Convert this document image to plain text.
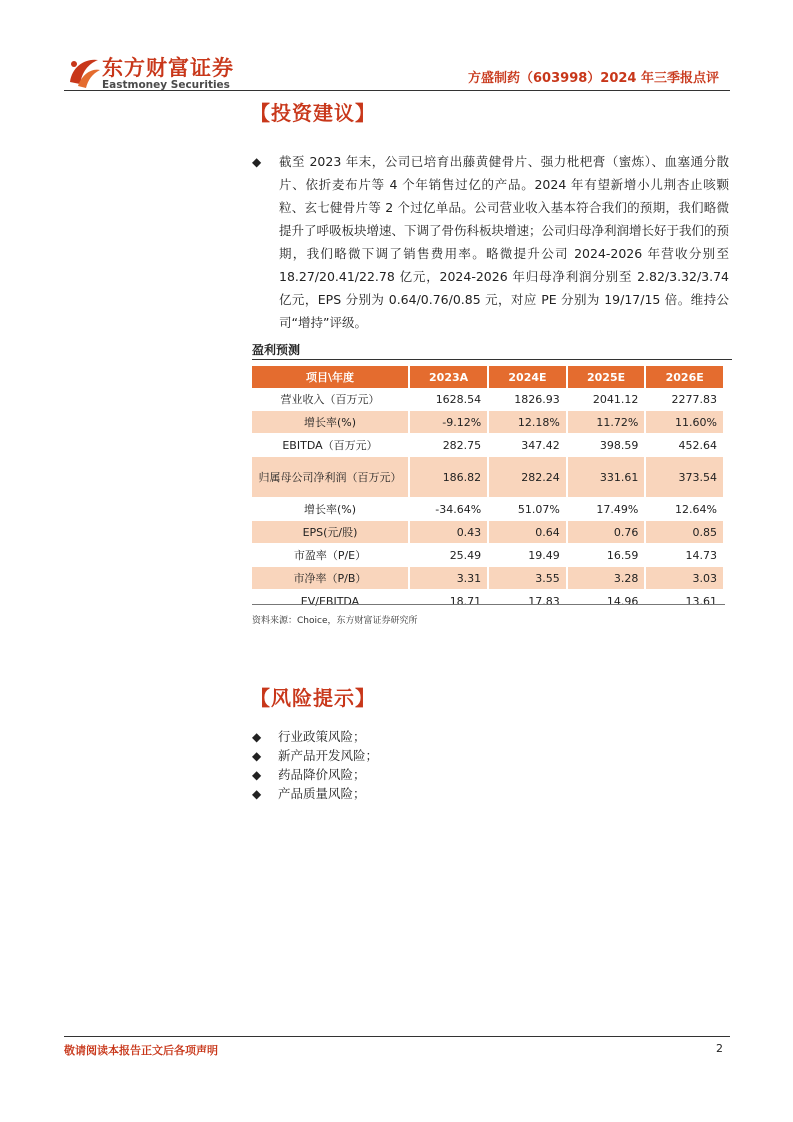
东方财富证券
Eastmoney Securities	方盛制药（603998）2024 年三季报点评
【投资建议】
◆ 截至 2023 年末，公司已培育出藤黄健骨片、强力枇杷膏（蜜炼）、血塞通分散片、依折麦布片等 4 个年销售过亿的产品。2024 年有望新增小儿荆杏止咳颗粒、玄七健骨片等 2 个过亿单品。公司营业收入基本符合我们的预期，我们略微提升了呼吸板块增速、下调了骨伤科板块增速；公司归母净利润增长好于我们的预期，我们略微下调了销售费用率。略微提升公司 2024-2026 年营收分别至 18.27/20.41/22.78 亿元，2024-2026 年归母净利润分别至 2.82/3.32/3.74 亿元，EPS 分别为 0.64/0.76/0.85 元，对应 PE 分别为 19/17/15 倍。维持公司“增持”评级。
盈利预测
项目\年度	2023A	2024E	2025E	2026E
营业收入（百万元）	1628.54	1826.93	2041.12	2277.83
增长率(%)	-9.12%	12.18%	11.72%	11.60%
EBITDA（百万元）	282.75	347.42	398.59	452.64
归属母公司净利润（百万元）	186.82	282.24	331.61	373.54
增长率(%)	-34.64%	51.07%	17.49%	12.64%
EPS(元/股)	0.43	0.64	0.76	0.85
市盈率（P/E）	25.49	19.49	16.59	14.73
市净率（P/B）	3.31	3.55	3.28	3.03
EV/EBITDA	18.71	17.83	14.96	13.61
资料来源：Choice，东方财富证券研究所
【风险提示】
◆ 行业政策风险；
◆ 新产品开发风险；
◆ 药品降价风险；
◆ 产品质量风险；
敬请阅读本报告正文后各项声明	2
